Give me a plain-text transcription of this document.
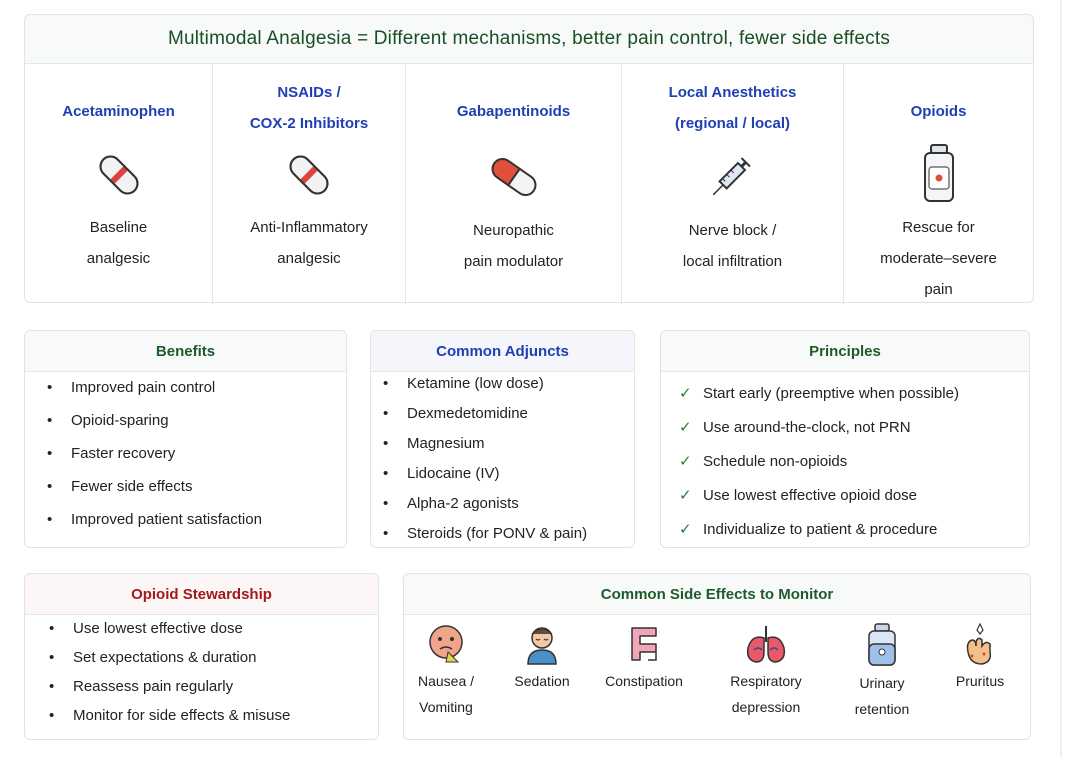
Multimodal Analgesia = Different mechanisms, better pain control, fewer side effects
Acetaminophen
Baseline
analgesic
NSAIDs /
COX-2 Inhibitors
Anti-Inflammatory
analgesic
Gabapentinoids
Neuropathic
pain modulator
Local Anesthetics
(regional / local)
Nerve block /
local infiltration
Opioids
Rescue for
moderate–severe
pain
Benefits
•	Improved pain control
•	Opioid-sparing
•	Faster recovery
•	Fewer side effects
•	Improved patient satisfaction
Common Adjuncts
•	Ketamine (low dose)
•	Dexmedetomidine
•	Magnesium
•	Lidocaine (IV)
•	Alpha-2 agonists
•	Steroids (for PONV & pain)
Principles
✓ Start early (preemptive when possible)
✓ Use around-the-clock, not PRN
✓ Schedule non-opioids
✓ Use lowest effective opioid dose
✓ Individualize to patient & procedure
Opioid Stewardship
•	Use lowest effective dose
•	Set expectations & duration
•	Reassess pain regularly
•	Monitor for side effects & misuse
Common Side Effects to Monitor
Nausea /
Vomiting
Sedation	Constipation	Respiratory
depression
Urinary
retention
Pruritus
